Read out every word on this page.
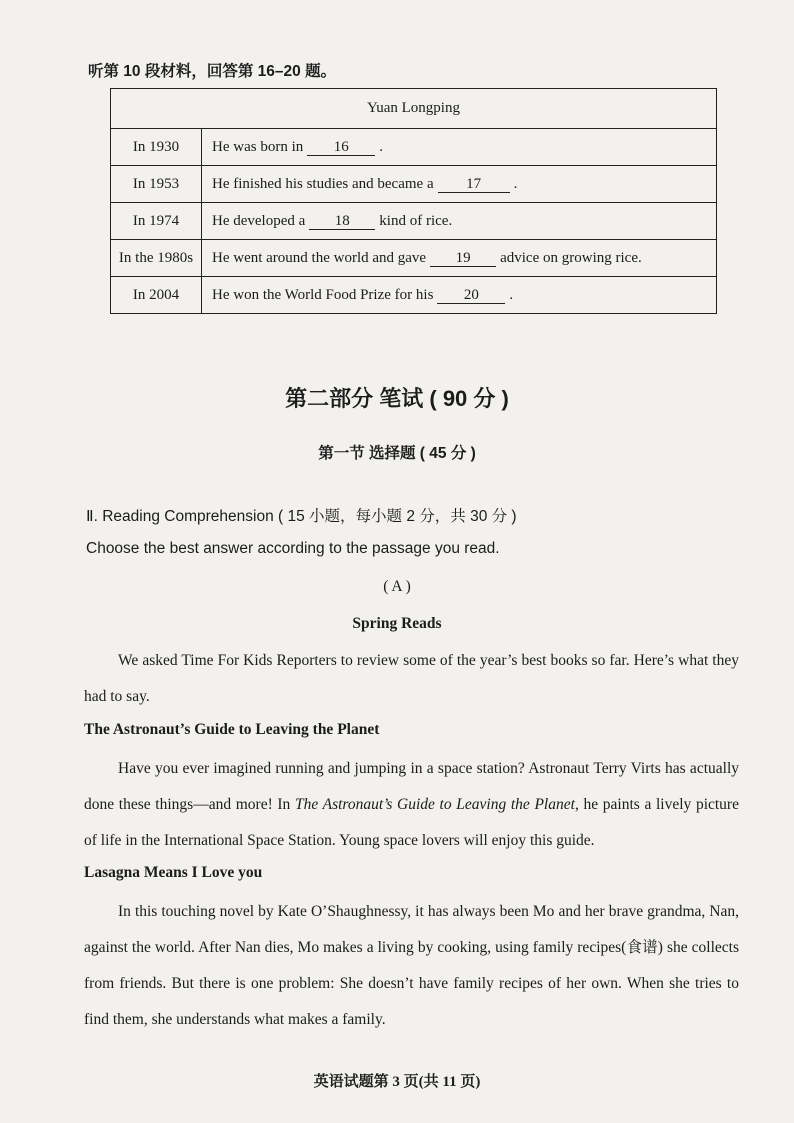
听第 10 段材料，回答第 16–20 题。
Yuan Longping	
In 1930	He was born in 16 .
In 1953	He finished his studies and became a 17 .
In 1974	He developed a 18 kind of rice.
In the 1980s	He went around the world and gave 19 advice on growing rice.
In 2004	He won the World Food Prize for his 20 .
第二部分 笔试 ( 90 分 )
第一节 选择题 ( 45 分 )
Ⅱ. Reading Comprehension ( 15 小题，每小题 2 分，共 30 分 )
Choose the best answer according to the passage you read.
( A )
Spring Reads
We asked Time For Kids Reporters to review some of the year’s best books so far. Here’s what they had to say.
The Astronaut’s Guide to Leaving the Planet
Have you ever imagined running and jumping in a space station? Astronaut Terry Virts has actually done these things—and more! In The Astronaut’s Guide to Leaving the Planet, he paints a lively picture of life in the International Space Station. Young space lovers will enjoy this guide.
Lasagna Means I Love you
In this touching novel by Kate O’Shaughnessy, it has always been Mo and her brave grandma, Nan, against the world. After Nan dies, Mo makes a living by cooking, using family recipes(食谱) she collects from friends. But there is one problem: She doesn’t have family recipes of her own. When she tries to find them, she understands what makes a family.
英语试题第 3 页(共 11 页)
